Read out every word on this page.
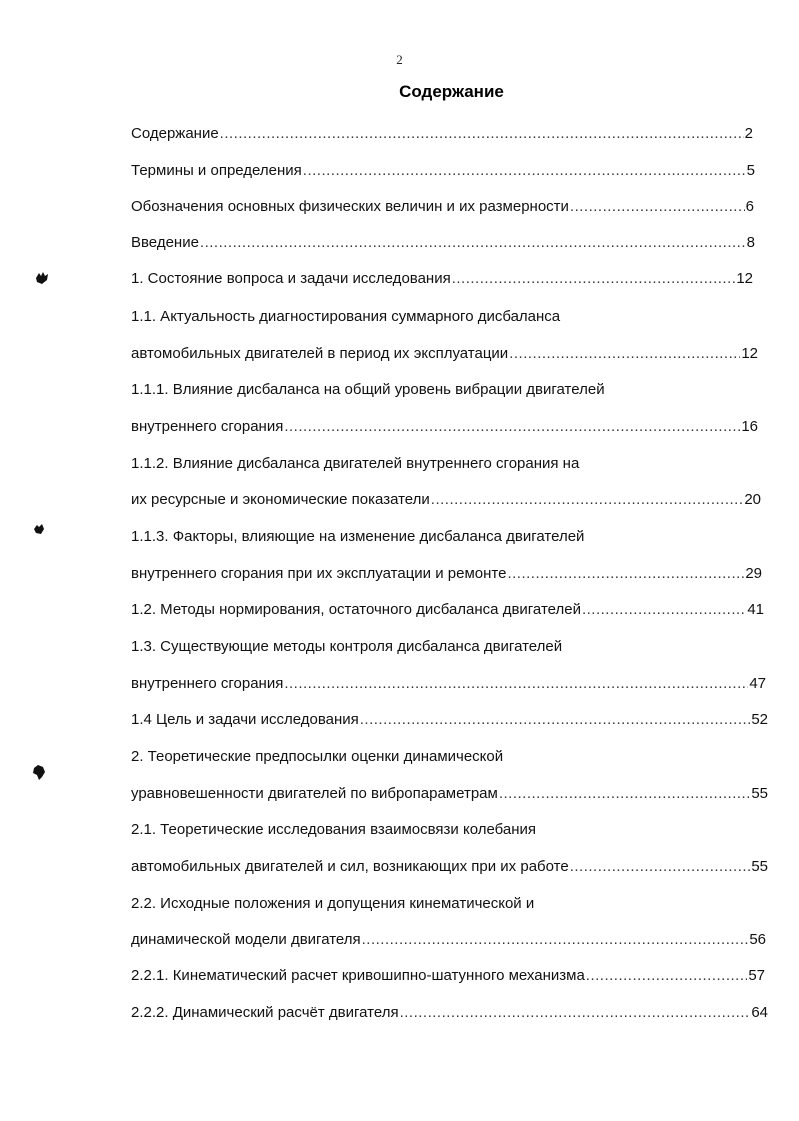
2
Содержание
Содержание .....	2
Термины и определения .....	5
Обозначения основных физических величин и их размерности .....	6
Введение .....	8
1. Состояние вопроса и задачи исследования .....	12
1.1. Актуальность диагностирования суммарного дисбаланса
автомобильных двигателей в период их эксплуатации .....	12
1.1.1. Влияние дисбаланса на общий уровень вибрации двигателей
внутреннего сгорания .....	16
1.1.2. Влияние дисбаланса двигателей внутреннего сгорания на
их ресурсные и экономические показатели .....	20
1.1.3. Факторы, влияющие на изменение дисбаланса двигателей
внутреннего сгорания при их эксплуатации и ремонте .....	29
1.2. Методы нормирования, остаточного дисбаланса двигателей .....	41
1.3. Существующие методы контроля дисбаланса двигателей
внутреннего сгорания .....	47
1.4 Цель и задачи исследования .....	52
2. Теоретические предпосылки оценки динамической
уравновешенности двигателей по вибропараметрам .....	55
2.1. Теоретические исследования взаимосвязи колебания
автомобильных двигателей и сил, возникающих при их работе .....	55
2.2. Исходные положения и допущения кинематической и
динамической модели двигателя .....	56
2.2.1. Кинематический расчет кривошипно-шатунного механизма .....	57
2.2.2. Динамический расчёт двигателя .....	64
